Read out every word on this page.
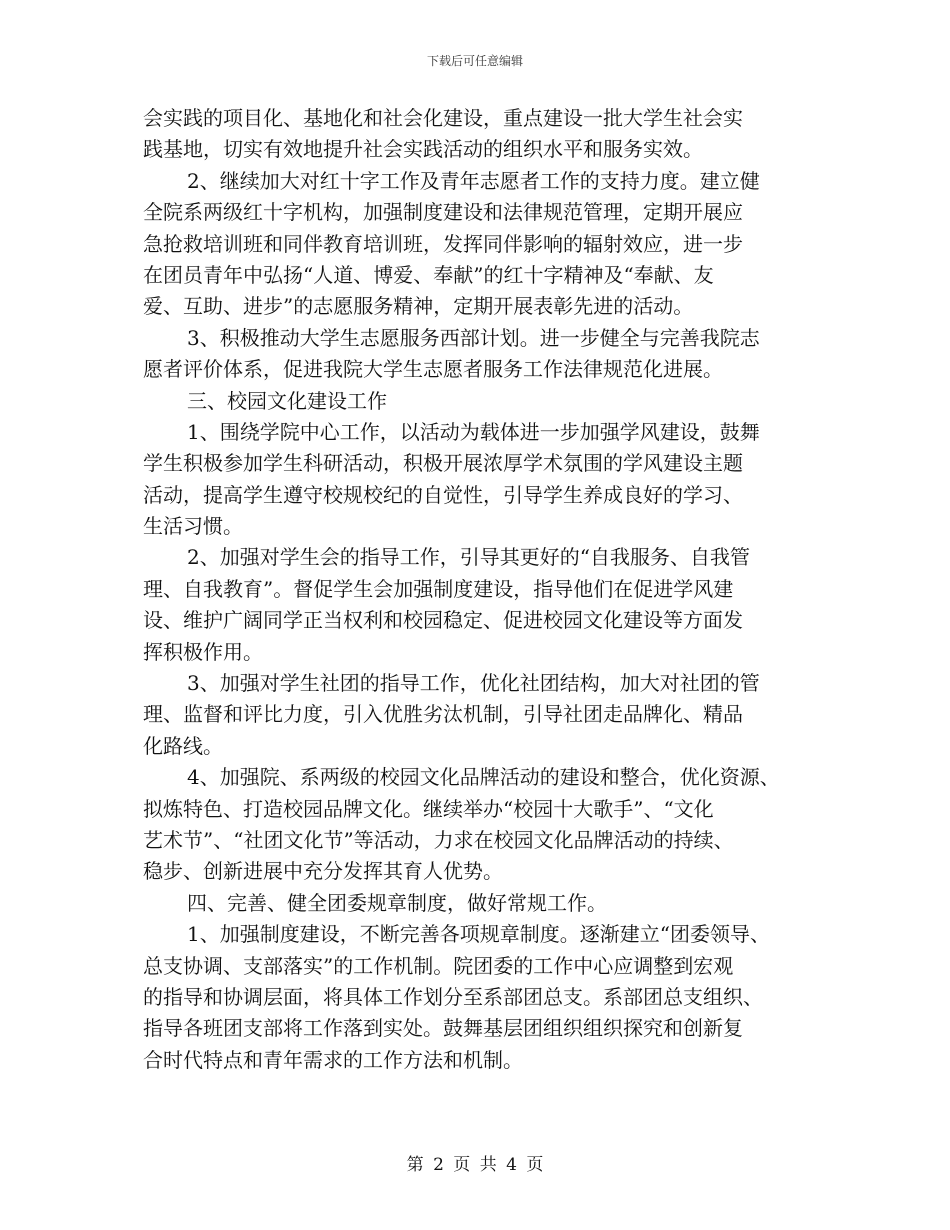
下载后可任意编辑
会实践的项目化、基地化和社会化建设，重点建设一批大学生社会实
践基地，切实有效地提升社会实践活动的组织水平和服务实效。
2、继续加大对红十字工作及青年志愿者工作的支持力度。建立健
全院系两级红十字机构，加强制度建设和法律规范管理，定期开展应
急抢救培训班和同伴教育培训班，发挥同伴影响的辐射效应，进一步
在团员青年中弘扬“人道、博爱、奉献”的红十字精神及“奉献、友
爱、互助、进步”的志愿服务精神，定期开展表彰先进的活动。
3、积极推动大学生志愿服务西部计划。进一步健全与完善我院志
愿者评价体系，促进我院大学生志愿者服务工作法律规范化进展。
三、校园文化建设工作
1、围绕学院中心工作，以活动为载体进一步加强学风建设，鼓舞
学生积极参加学生科研活动，积极开展浓厚学术氛围的学风建设主题
活动，提高学生遵守校规校纪的自觉性，引导学生养成良好的学习、
生活习惯。
2、加强对学生会的指导工作，引导其更好的“自我服务、自我管
理、自我教育”。督促学生会加强制度建设，指导他们在促进学风建
设、维护广阔同学正当权利和校园稳定、促进校园文化建设等方面发
挥积极作用。
3、加强对学生社团的指导工作，优化社团结构，加大对社团的管
理、监督和评比力度，引入优胜劣汰机制，引导社团走品牌化、精品
化路线。
4、加强院、系两级的校园文化品牌活动的建设和整合，优化资源、
拟炼特色、打造校园品牌文化。继续举办“校园十大歌手”、“文化
艺术节”、“社团文化节”等活动，力求在校园文化品牌活动的持续、
稳步、创新进展中充分发挥其育人优势。
四、完善、健全团委规章制度，做好常规工作。
1、加强制度建设，不断完善各项规章制度。逐渐建立“团委领导、
总支协调、支部落实”的工作机制。院团委的工作中心应调整到宏观
的指导和协调层面，将具体工作划分至系部团总支。系部团总支组织、
指导各班团支部将工作落到实处。鼓舞基层团组织组织探究和创新复
合时代特点和青年需求的工作方法和机制。
第 2 页 共 4 页
